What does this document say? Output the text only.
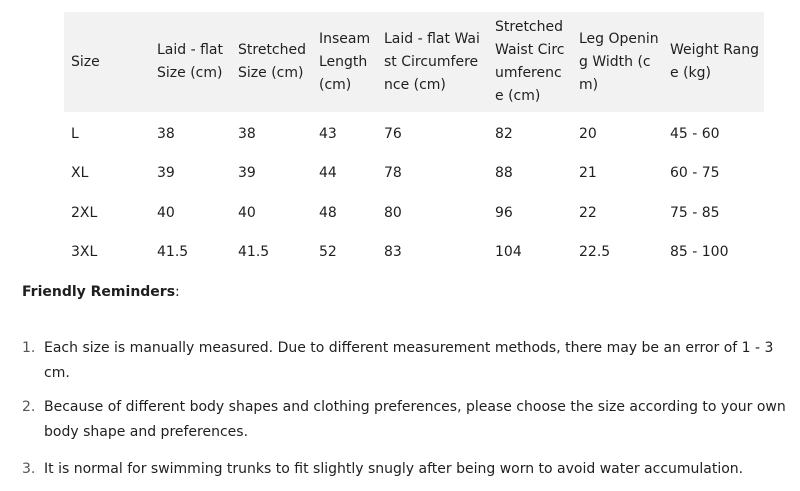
Size	Laid - flat Size (cm)	Stretched Size (cm)	Inseam Length (cm)	Laid - flat Waist Circumference (cm)	Stretched Waist Circumference (cm)	Leg Opening Width (cm)	Weight Range (kg)
L	38	38	43	76	82	20	45 - 60
XL	39	39	44	78	88	21	60 - 75
2XL	40	40	48	80	96	22	75 - 85
3XL	41.5	41.5	52	83	104	22.5	85 - 100
Friendly Reminders:
1. Each size is manually measured. Due to different measurement methods, there may be an error of 1 - 3 cm.
2. Because of different body shapes and clothing preferences, please choose the size according to your own body shape and preferences.
3. It is normal for swimming trunks to fit slightly snugly after being worn to avoid water accumulation.
